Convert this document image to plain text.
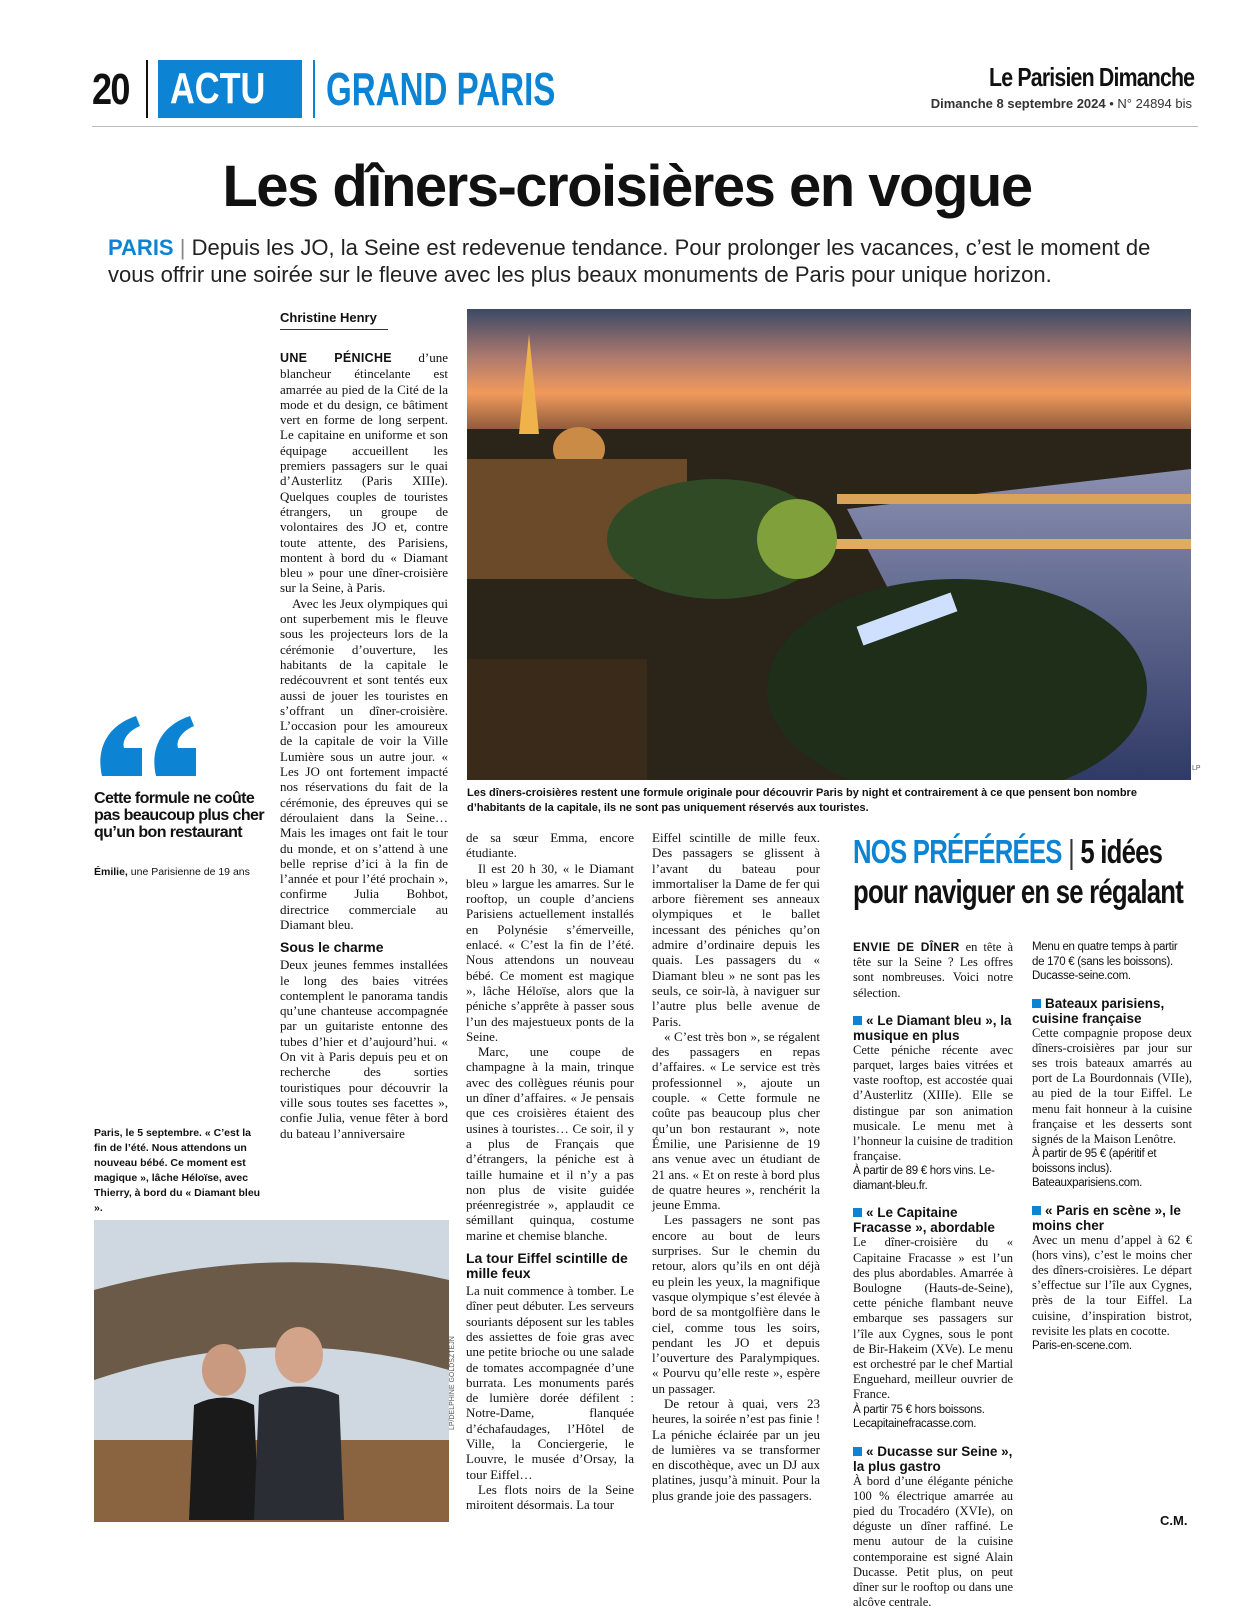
20 ACTU	GRAND PARIS	Le Parisien Dimanche
Dimanche 8 septembre 2024 • N° 24894 bis
Les dîners-croisières en vogue
PARIS | Depuis les JO, la Seine est redevenue tendance. Pour prolonger les vacances, c’est le moment de vous offrir une soirée sur le fleuve avec les plus beaux monuments de Paris pour unique horizon.
Christine Henry

UNE PÉNICHE d’une blancheur étincelante est amarrée au pied de la Cité de la mode et du design, ce bâtiment vert en forme de long serpent. Le capitaine en uniforme et son équipage accueillent les premiers passagers sur le quai d’Austerlitz (Paris XIIIe). Quelques couples de touristes étrangers, un groupe de volontaires des JO et, contre toute attente, des Parisiens, montent à bord du « Diamant bleu » pour une dîner-croisière sur la Seine, à Paris.

Avec les Jeux olympiques qui ont superbement mis le fleuve sous les projecteurs lors de la cérémonie d’ouverture, les habitants de la capitale le redécouvrent et sont tentés eux aussi de jouer les touristes en s’offrant un dîner-croisière. L’occasion pour les amoureux de la capitale de voir la Ville Lumière sous un autre jour. « Les JO ont fortement impacté nos réservations du fait de la cérémonie, des épreuves qui se déroulaient dans la Seine… Mais les images ont fait le tour du monde, et on s’attend à une belle reprise d’ici à la fin de l’année et pour l’été prochain », confirme Julia Bohbot, directrice commerciale au Diamant bleu.

Sous le charme

Deux jeunes femmes installées le long des baies vitrées contemplent le panorama tandis qu’une chanteuse accompagnée par un guitariste entonne des tubes d’hier et d’aujourd’hui. « On vit à Paris depuis peu et on recherche des sorties touristiques pour découvrir la ville sous toutes ses facettes », confie Julia, venue fêter à bord du bateau l’anniversaire

LP
Les dîners-croisières restent une formule originale pour découvrir Paris by night et contrairement à ce que pensent bon nombre d’habitants de la capitale, ils ne sont pas uniquement réservés aux touristes.
Cette formule ne coûte pas beaucoup plus cher qu’un bon restaurant
Émilie, une Parisienne de 19 ans
Paris, le 5 septembre. « C’est la fin de l’été. Nous attendons un nouveau bébé. Ce moment est magique », lâche Héloïse, avec Thierry, à bord du « Diamant bleu ».
LP/DELPHINE GOLDSZTEJN

de sa sœur Emma, encore étudiante.

Il est 20 h 30, « le Diamant bleu » largue les amarres. Sur le rooftop, un couple d’anciens Parisiens actuellement installés en Polynésie s’émerveille, enlacé. « C’est la fin de l’été. Nous attendons un nouveau bébé. Ce moment est magique », lâche Héloïse, alors que la péniche s’apprête à passer sous l’un des majestueux ponts de la Seine.

Marc, une coupe de champagne à la main, trinque avec des collègues réunis pour un dîner d’affaires. « Je pensais que ces croisières étaient des usines à touristes… Ce soir, il y a plus de Français que d’étrangers, la péniche est à taille humaine et il n’y a pas non plus de visite guidée préenregistrée », applaudit ce sémillant quinqua, costume marine et chemise blanche.

La tour Eiffel scintille de mille feux

La nuit commence à tomber. Le dîner peut débuter. Les serveurs souriants déposent sur les tables des assiettes de foie gras avec une petite brioche ou une salade de tomates accompagnée d’une burrata. Les monuments parés de lumière dorée défilent : Notre-Dame, flanquée d’échafaudages, l’Hôtel de Ville, la Conciergerie, le Louvre, le musée d’Orsay, la tour Eiffel…

Les flots noirs de la Seine miroitent désormais. La tour

Eiffel scintille de mille feux. Des passagers se glissent à l’avant du bateau pour immortaliser la Dame de fer qui arbore fièrement ses anneaux olympiques et le ballet incessant des péniches qu’on admire d’ordinaire depuis les quais. Les passagers du « Diamant bleu » ne sont pas les seuls, ce soir-là, à naviguer sur l’autre plus belle avenue de Paris.

« C’est très bon », se régalent des passagers en repas d’affaires. « Le service est très professionnel », ajoute un couple. « Cette formule ne coûte pas beaucoup plus cher qu’un bon restaurant », note Émilie, une Parisienne de 19 ans venue avec un étudiant de 21 ans. « Et on reste à bord plus de quatre heures », renchérit la jeune Emma.

Les passagers ne sont pas encore au bout de leurs surprises. Sur le chemin du retour, alors qu’ils en ont déjà eu plein les yeux, la magnifique vasque olympique s’est élevée à bord de sa montgolfière dans le ciel, comme tous les soirs, pendant les JO et depuis l’ouverture des Paralympiques. « Pourvu qu’elle reste », espère un passager.

De retour à quai, vers 23 heures, la soirée n’est pas finie ! La péniche éclairée par un jeu de lumières va se transformer en discothèque, avec un DJ aux platines, jusqu’à minuit. Pour la plus grande joie des passagers.

NOS PRÉFÉRÉES | 5 idées
pour naviguer en se régalant

ENVIE DE DÎNER en tête à tête sur la Seine ? Les offres sont nombreuses. Voici notre sélection.

« Le Diamant bleu », la musique en plus

Cette péniche récente avec parquet, larges baies vitrées et vaste rooftop, est accostée quai d’Austerlitz (XIIIe). Elle se distingue par son animation musicale. Le menu met à l’honneur la cuisine de tradition française.

À partir de 89 € hors vins. Le-diamant-bleu.fr.

« Le Capitaine Fracasse », abordable

Le dîner-croisière du « Capitaine Fracasse » est l’un des plus abordables. Amarrée à Boulogne (Hauts-de-Seine), cette péniche flambant neuve embarque ses passagers sur l’île aux Cygnes, sous le pont de Bir-Hakeim (XVe). Le menu est orchestré par le chef Martial Enguehard, meilleur ouvrier de France.

À partir 75 € hors boissons. Lecapitainefracasse.com.

« Ducasse sur Seine », la plus gastro

À bord d’une élégante péniche 100 % électrique amarrée au pied du Trocadéro (XVIe), on déguste un dîner raffiné. Le menu autour de la cuisine contemporaine est signé Alain Ducasse. Petit plus, on peut dîner sur le rooftop ou dans une alcôve centrale.

Menu en quatre temps à partir de 170 € (sans les boissons). Ducasse-seine.com.

Bateaux parisiens, cuisine française

Cette compagnie propose deux dîners-croisières par jour sur ses trois bateaux amarrés au port de La Bourdonnais (VIIe), au pied de la tour Eiffel. Le menu fait honneur à la cuisine française et les desserts sont signés de la Maison Lenôtre.

À partir de 95 € (apéritif et boissons inclus). Bateauxparisiens.com.

« Paris en scène », le moins cher

Avec un menu d’appel à 62 € (hors vins), c’est le moins cher des dîners-croisières. Le départ s’effectue sur l’île aux Cygnes, près de la tour Eiffel. La cuisine, d’inspiration bistrot, revisite les plats en cocotte.

Paris-en-scene.com.

C.M.
